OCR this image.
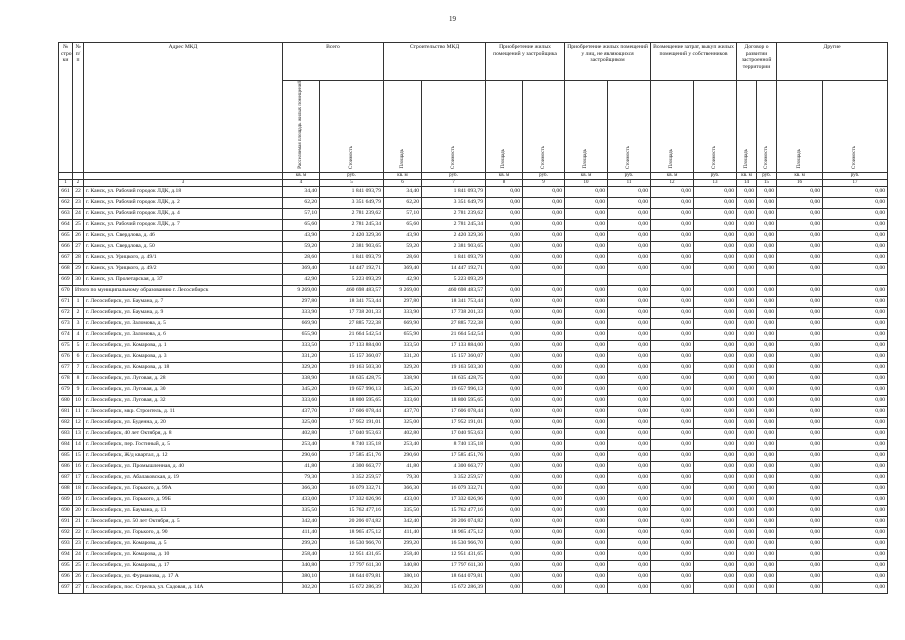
19
№ стро ки	№ п/п	Адрес МКД	Всего		Строительство МКД		Приобретение жилых помещений у застройщика		Приобретение жилых помещений у лиц, не являющихся застройщиком		Возмещение затрат, выкуп жилых помещений у собственников		Договор о развитии застроенной территории		Другие	
			Расселяемая площадь жилых помещений	Стоимость	Площадь	Стоимость	Площадь	Стоимость	Площадь	Стоимость	Площадь	Стоимость	Площадь	Стоимость	Площадь	Стоимость
			кв. м	руб.	кв. м	руб.	кв. м	руб.	кв. м	руб.	кв. м	руб.	кв. м	руб.	кв. м	руб.
1	2	3	4	5	6	7	8	9	10	11	12	13	14	15	16	17
661	22	г. Канск, ул. Рабочий городок ЛДК, д.18	34,40	1 841 093,79	34,40	1 841 093,79	0,00	0,00	0,00	0,00	0,00	0,00	0,00	0,00	0,00	0,00
662	23	г. Канск, ул. Рабочий городок ЛДК, д. 2	62,20	3 351 649,79	62,20	3 351 649,79	0,00	0,00	0,00	0,00	0,00	0,00	0,00	0,00	0,00	0,00
663	24	г. Канск, ул. Рабочий городок ЛДК, д. 4	57,10	2 781 239,62	57,10	2 781 239,62	0,00	0,00	0,00	0,00	0,00	0,00	0,00	0,00	0,00	0,00
664	25	г. Канск, ул. Рабочий городок ЛДК, д. 7	65,60	2 781 245,34	65,60	2 781 245,34	0,00	0,00	0,00	0,00	0,00	0,00	0,00	0,00	0,00	0,00
665	26	г. Канск, ул. Свердлова, д. 46	43,90	2 420 329,36	43,90	2 420 329,36	0,00	0,00	0,00	0,00	0,00	0,00	0,00	0,00	0,00	0,00
666	27	г. Канск, ул. Свердлова, д. 50	59,20	2 381 903,65	59,20	2 381 903,65	0,00	0,00	0,00	0,00	0,00	0,00	0,00	0,00	0,00	0,00
667	28	г. Канск, ул. Урицкого, д. 49/1	28,60	1 841 093,79	28,60	1 841 093,79	0,00	0,00	0,00	0,00	0,00	0,00	0,00	0,00	0,00	0,00
668	29	г. Канск, ул. Урицкого, д. 49/2	369,40	14 447 192,71	369,40	14 447 192,71	0,00	0,00	0,00	0,00	0,00	0,00	0,00	0,00	0,00	0,00
669	30	г. Канск, ул. Пролетарская, д. 37	42,90	5 223 093,29	42,90	5 223 093,29										
670	Итого по муниципальному образованию г. Лесосибирск		9 269,00	460 698 483,57	9 269,00	460 698 483,57	0,00	0,00	0,00	0,00	0,00	0,00	0,00	0,00	0,00	0,00
671	1	г. Лесосибирск, ул. Баумана, д. 7	297,80	18 341 753,44	297,80	18 341 753,44	0,00	0,00	0,00	0,00	0,00	0,00	0,00	0,00	0,00	0,00
672	2	г. Лесосибирск, ул. Баумана, д. 9	333,90	17 738 201,33	333,90	17 738 201,33	0,00	0,00	0,00	0,00	0,00	0,00	0,00	0,00	0,00	0,00
673	3	г. Лесосибирск, ул. Заломова, д. 5	669,90	27 885 722,38	669,90	27 885 722,38	0,00	0,00	0,00	0,00	0,00	0,00	0,00	0,00	0,00	0,00
674	4	г. Лесосибирск, ул. Заломова, д. 6	655,90	21 664 542,54	655,90	21 664 542,54	0,00	0,00	0,00	0,00	0,00	0,00	0,00	0,00	0,00	0,00
675	5	г. Лесосибирск, ул. Комарова, д. 1	333,50	17 133 884,00	333,50	17 133 884,00	0,00	0,00	0,00	0,00	0,00	0,00	0,00	0,00	0,00	0,00
676	6	г. Лесосибирск, ул. Комарова, д. 3	331,20	15 157 360,07	331,20	15 157 360,07	0,00	0,00	0,00	0,00	0,00	0,00	0,00	0,00	0,00	0,00
677	7	г. Лесосибирск, ул. Комарова, д. 18	329,20	19 163 503,30	329,20	19 163 503,30	0,00	0,00	0,00	0,00	0,00	0,00	0,00	0,00	0,00	0,00
678	8	г. Лесосибирск, ул. Луговая, д. 28	338,90	18 635 428,75	338,90	18 635 428,75	0,00	0,00	0,00	0,00	0,00	0,00	0,00	0,00	0,00	0,00
679	9	г. Лесосибирск, ул. Луговая, д. 30	345,20	19 657 996,13	345,20	19 657 996,13	0,00	0,00	0,00	0,00	0,00	0,00	0,00	0,00	0,00	0,00
680	10	г. Лесосибирск, ул. Луговая, д. 32	333,60	18 800 595,65	333,60	18 800 595,65	0,00	0,00	0,00	0,00	0,00	0,00	0,00	0,00	0,00	0,00
681	11	г. Лесосибирск, мкр. Строитель, д. 11	437,70	17 606 078,44	437,70	17 606 078,44	0,00	0,00	0,00	0,00	0,00	0,00	0,00	0,00	0,00	0,00
682	12	г. Лесосибирск, ул. Буденна, д. 20	325,00	17 952 191,01	325,00	17 952 191,01	0,00	0,00	0,00	0,00	0,00	0,00	0,00	0,00	0,00	0,00
683	13	г. Лесосибирск, 40 лет Октября, д. 8	402,80	17 040 953,63	402,80	17 040 953,63	0,00	0,00	0,00	0,00	0,00	0,00	0,00	0,00	0,00	0,00
684	14	г. Лесосибирск, пер. Гостиный, д. 5	253,40	8 740 135,18	253,40	8 740 135,18	0,00	0,00	0,00	0,00	0,00	0,00	0,00	0,00	0,00	0,00
685	15	г. Лесосибирск, Ж/д квартал, д. 12	290,60	17 585 451,76	290,60	17 585 451,76	0,00	0,00	0,00	0,00	0,00	0,00	0,00	0,00	0,00	0,00
686	16	г. Лесосибирск, ул. Промышленная, д. 40	41,80	4 300 663,77	41,80	4 300 663,77	0,00	0,00	0,00	0,00	0,00	0,00	0,00	0,00	0,00	0,00
687	17	г. Лесосибирск, ул. Абалаковская, д. 19	79,30	3 352 259,57	79,30	3 352 259,57	0,00	0,00	0,00	0,00	0,00	0,00	0,00	0,00	0,00	0,00
688	18	г. Лесосибирск, ул. Горького, д. 99А	366,30	16 079 332,71	366,30	16 079 332,71	0,00	0,00	0,00	0,00	0,00	0,00	0,00	0,00	0,00	0,00
689	19	г. Лесосибирск, ул. Горького, д. 99Б	433,00	17 332 026,96	433,00	17 332 026,96	0,00	0,00	0,00	0,00	0,00	0,00	0,00	0,00	0,00	0,00
690	20	г. Лесосибирск, ул. Баумана, д. 13	335,50	15 762 477,16	335,50	15 762 477,16	0,00	0,00	0,00	0,00	0,00	0,00	0,00	0,00	0,00	0,00
691	21	г. Лесосибирск, ул. 50 лет Октября, д. 5	342,40	20 206 074,82	342,40	20 206 074,82	0,00	0,00	0,00	0,00	0,00	0,00	0,00	0,00	0,00	0,00
692	22	г. Лесосибирск, ул. Горького, д. 90	411,40	18 965 475,12	411,40	18 965 475,12	0,00	0,00	0,00	0,00	0,00	0,00	0,00	0,00	0,00	0,00
693	23	г. Лесосибирск, ул. Комарова, д. 5	299,20	16 530 966,70	299,20	16 530 966,70	0,00	0,00	0,00	0,00	0,00	0,00	0,00	0,00	0,00	0,00
694	24	г. Лесосибирск, ул. Комарова, д. 10	258,40	12 951 431,65	258,40	12 951 431,65	0,00	0,00	0,00	0,00	0,00	0,00	0,00	0,00	0,00	0,00
695	25	г. Лесосибирск, ул. Комарова, д. 17	340,80	17 797 611,30	340,80	17 797 611,30	0,00	0,00	0,00	0,00	0,00	0,00	0,00	0,00	0,00	0,00
696	26	г. Лесосибирск, ул. Фурманова, д. 17 А	380,10	18 644 079,81	380,10	18 644 079,81	0,00	0,00	0,00	0,00	0,00	0,00	0,00	0,00	0,00	0,00
697	27	г. Лесосибирск, пос. Стрелка, ул. Садовая, д. 14А	302,20	15 672 286,39	302,20	15 672 286,39	0,00	0,00	0,00	0,00	0,00	0,00	0,00	0,00	0,00	0,00
